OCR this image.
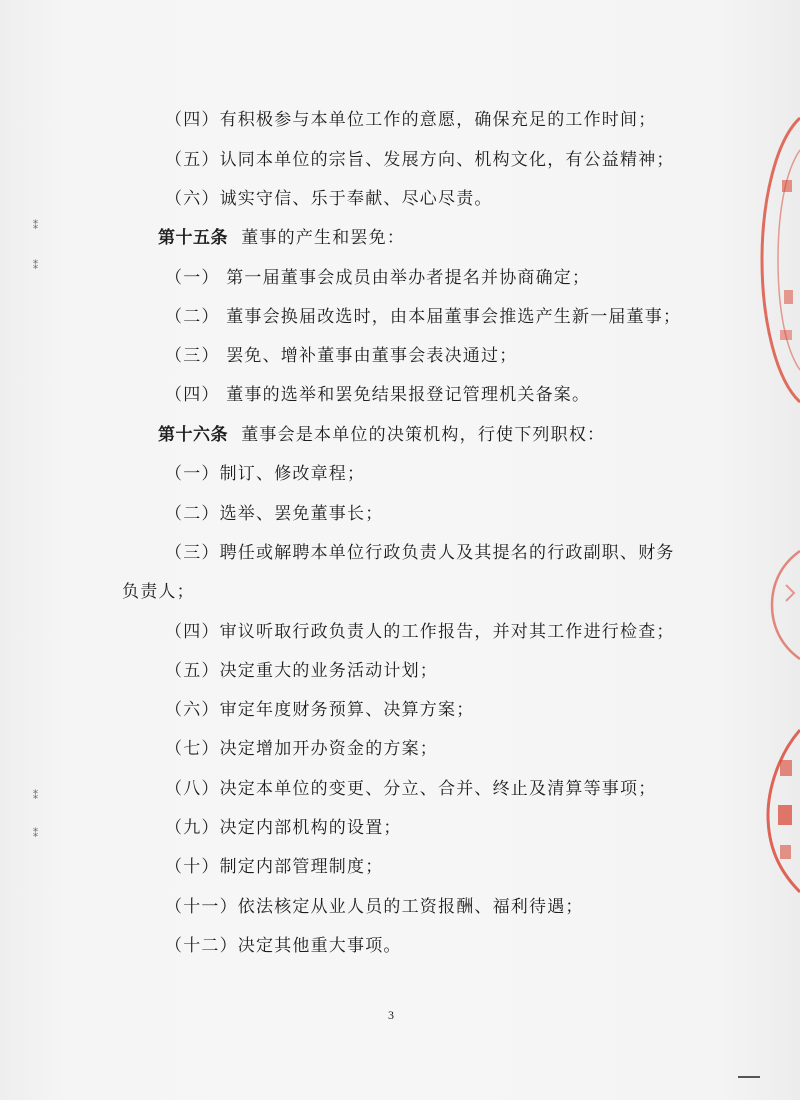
（四）有积极参与本单位工作的意愿，确保充足的工作时间；
（五）认同本单位的宗旨、发展方向、机构文化，有公益精神；
（六）诚实守信、乐于奉献、尽心尽责。
第十五条 董事的产生和罢免：
（一） 第一届董事会成员由举办者提名并协商确定；
（二） 董事会换届改选时，由本届董事会推选产生新一届董事；
（三） 罢免、增补董事由董事会表决通过；
（四） 董事的选举和罢免结果报登记管理机关备案。
第十六条 董事会是本单位的决策机构，行使下列职权：
（一）制订、修改章程；
（二）选举、罢免董事长；
（三）聘任或解聘本单位行政负责人及其提名的行政副职、财务
负责人；
（四）审议听取行政负责人的工作报告，并对其工作进行检查；
（五）决定重大的业务活动计划；
（六）审定年度财务预算、决算方案；
（七）决定增加开办资金的方案；
（八）决定本单位的变更、分立、合并、终止及清算等事项；
（九）决定内部机构的设置；
（十）制定内部管理制度；
（十一）依法核定从业人员的工资报酬、福利待遇；
（十二）决定其他重大事项。
3
⁑
⁑
⁑
⁑
